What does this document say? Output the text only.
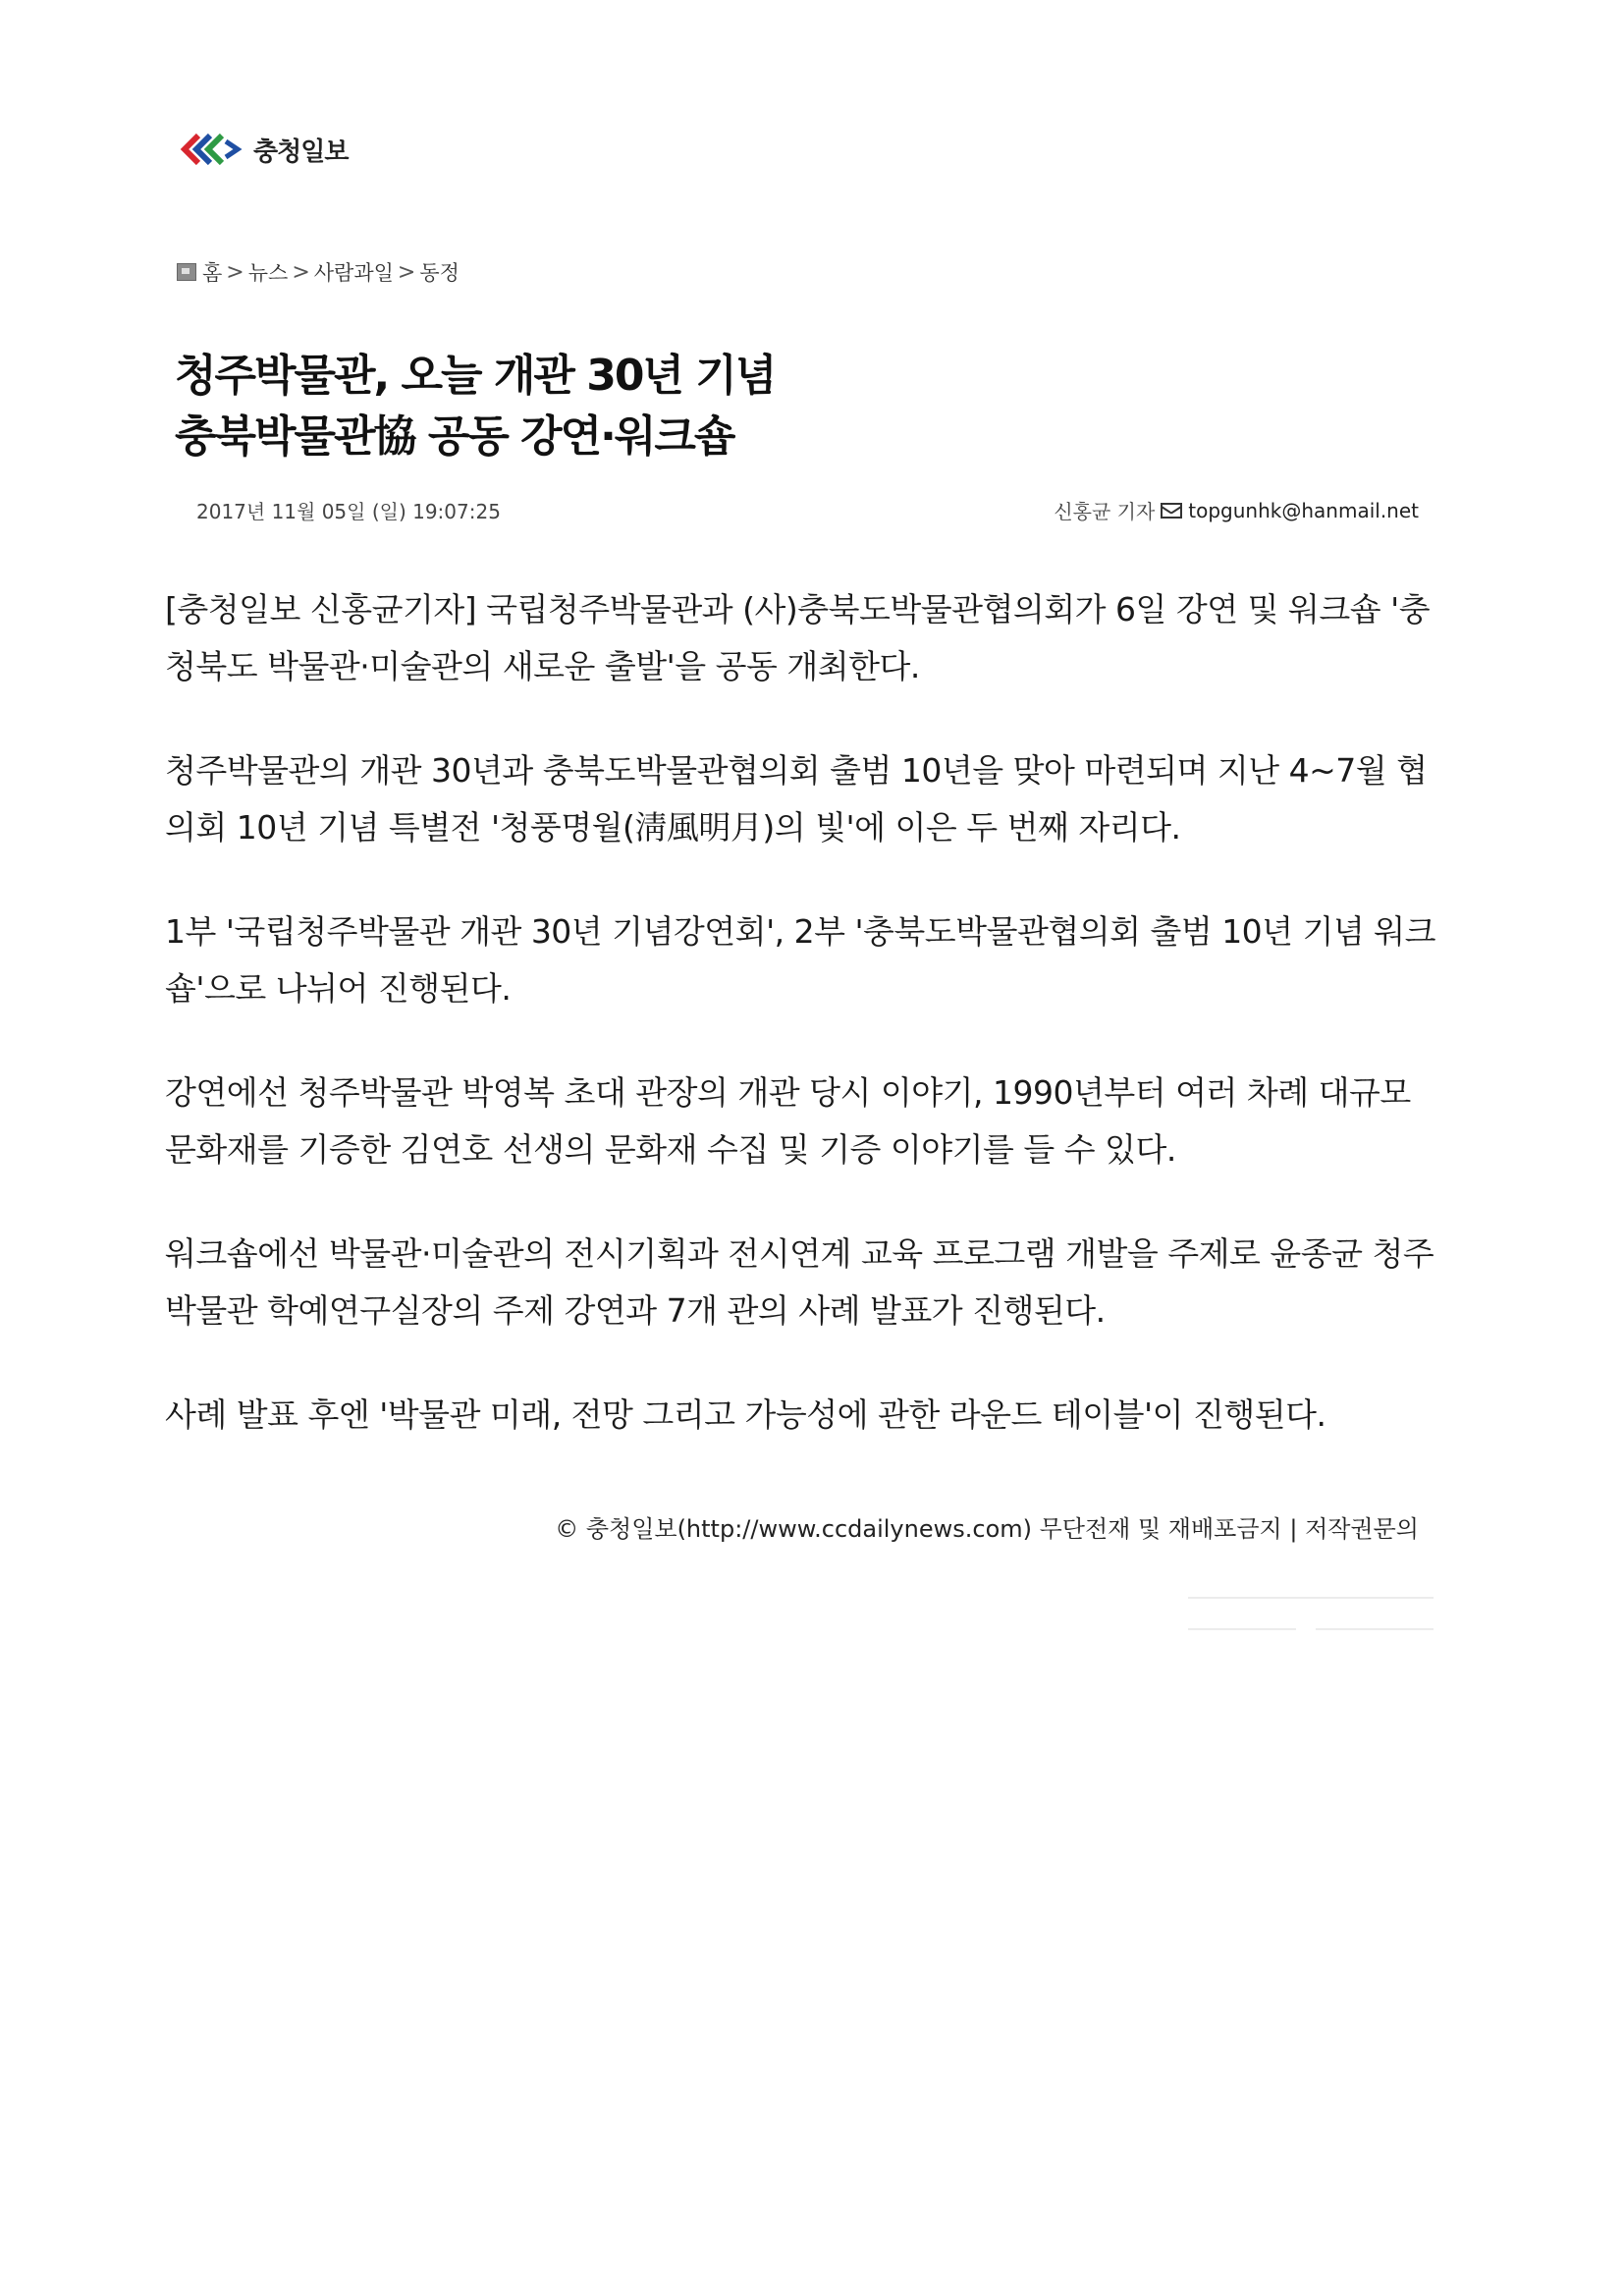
충청일보
홈 > 뉴스 > 사람과일 > 동정
청주박물관, 오늘 개관 30년 기념
충북박물관協 공동 강연·워크숍
2017년 11월 05일 (일) 19:07:25	신홍균 기자 topgunhk@hanmail.net

[충청일보 신홍균기자] 국립청주박물관과 (사)충북도박물관협의회가 6일 강연 및 워크숍 '충청북도 박물관·미술관의 새로운 출발'을 공동 개최한다.

청주박물관의 개관 30년과 충북도박물관협의회 출범 10년을 맞아 마련되며 지난 4~7월 협의회 10년 기념 특별전 '청풍명월(淸風明月)의 빛'에 이은 두 번째 자리다.

1부 '국립청주박물관 개관 30년 기념강연회', 2부 '충북도박물관협의회 출범 10년 기념 워크숍'으로 나뉘어 진행된다.

강연에선 청주박물관 박영복 초대 관장의 개관 당시 이야기, 1990년부터 여러 차례 대규모 문화재를 기증한 김연호 선생의 문화재 수집 및 기증 이야기를 들 수 있다.

워크숍에선 박물관·미술관의 전시기획과 전시연계 교육 프로그램 개발을 주제로 윤종균 청주박물관 학예연구실장의 주제 강연과 7개 관의 사례 발표가 진행된다.

사례 발표 후엔 '박물관 미래, 전망 그리고 가능성에 관한 라운드 테이블'이 진행된다.

© 충청일보(http://www.ccdailynews.com) 무단전재 및 재배포금지 | 저작권문의
